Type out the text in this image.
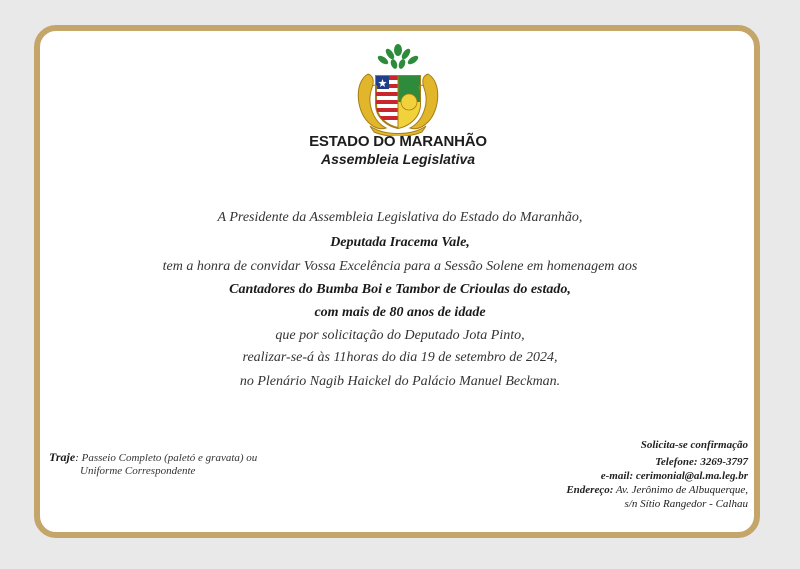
ESTADO DO MARANHÃO
Assembleia Legislativa
A Presidente da Assembleia Legislativa do Estado do Maranhão,
Deputada Iracema Vale,
tem a honra de convidar Vossa Excelência para a Sessão Solene em homenagem aos
Cantadores do Bumba Boi e Tambor de Crioulas do estado,
com mais de 80 anos de idade
que por solicitação do Deputado Jota Pinto,
realizar-se-á às 11horas do dia 19 de setembro de 2024,
no Plenário Nagib Haickel do Palácio Manuel Beckman.
Traje: Passeio Completo (paletó e gravata) ou
Uniforme Correspondente
Solicita-se confirmação
Telefone: 3269-3797
e-mail: cerimonial@al.ma.leg.br
Endereço: Av. Jerônimo de Albuquerque,
s/n Sítio Rangedor - Calhau
